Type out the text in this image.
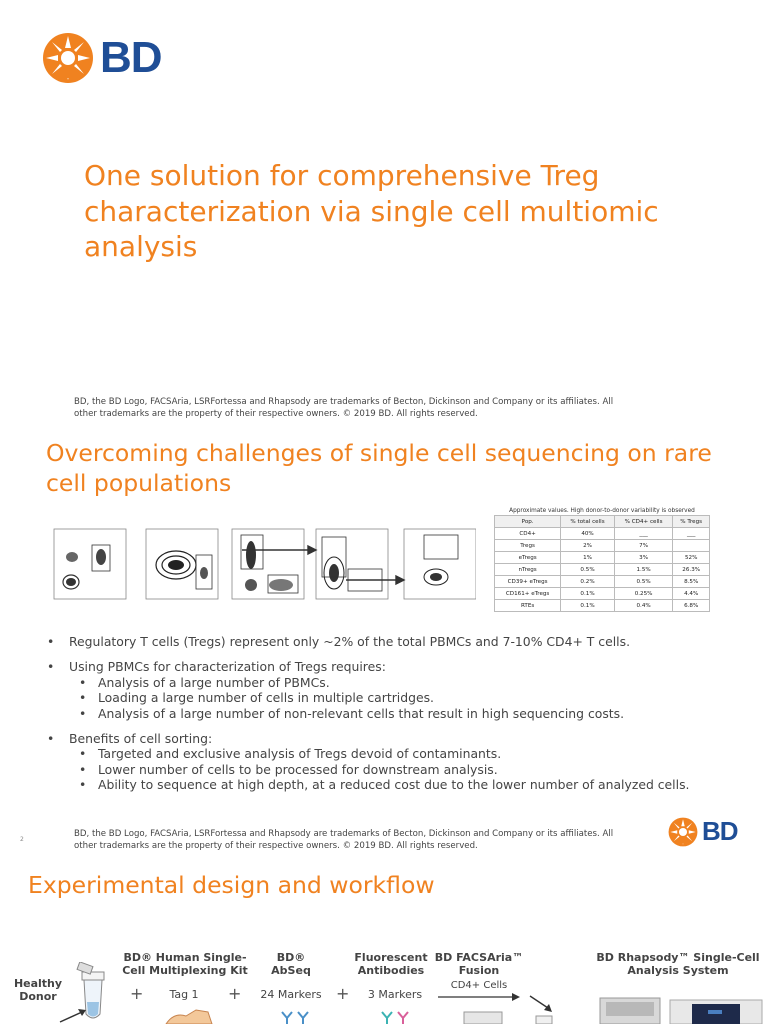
BD
One solution for comprehensive Treg characterization via single cell multiomic analysis
BD, the BD Logo, FACSAria, LSRFortessa and Rhapsody are trademarks of Becton, Dickinson and Company or its affiliates. All other trademarks are the property of their respective owners. © 2019 BD. All rights reserved.
Overcoming challenges of single cell sequencing on rare cell populations
Approximate values. High donor-to-donor variability is observed
Pop.	% total cells	% CD4+ cells	% Tregs
CD4+	40%	___	___
Tregs	2%	7%	
eTregs	1%	3%	52%
nTregs	0.5%	1.5%	26.3%
CD39+ eTregs	0.2%	0.5%	8.5%
CD161+ eTregs	0.1%	0.25%	4.4%
RTEs	0.1%	0.4%	6.8%
• Regulatory T cells (Tregs) represent only ~2% of the total PBMCs and 7-10% CD4+ T cells.
• Using PBMCs for characterization of Tregs requires:
• Analysis of a large number of PBMCs.
• Loading a large number of cells in multiple cartridges.
• Analysis of a large number of non-relevant cells that result in high sequencing costs.
• Benefits of cell sorting:
• Targeted and exclusive analysis of Tregs devoid of contaminants.
• Lower number of cells to be processed for downstream analysis.
• Ability to sequence at high depth, at a reduced cost due to the lower number of analyzed cells.
2
BD, the BD Logo, FACSAria, LSRFortessa and Rhapsody are trademarks of Becton, Dickinson and Company or its affiliates. All other trademarks are the property of their respective owners. © 2019 BD. All rights reserved.	BD
Experimental design and workflow
Healthy Donor
BD® Human Single-Cell Multiplexing Kit
BD® AbSeq
Fluorescent Antibodies
BD FACSAria™ Fusion
BD Rhapsody™ Single-Cell Analysis System
+	Tag 1	+	24 Markers +	3 Markers
CD4+ Cells
